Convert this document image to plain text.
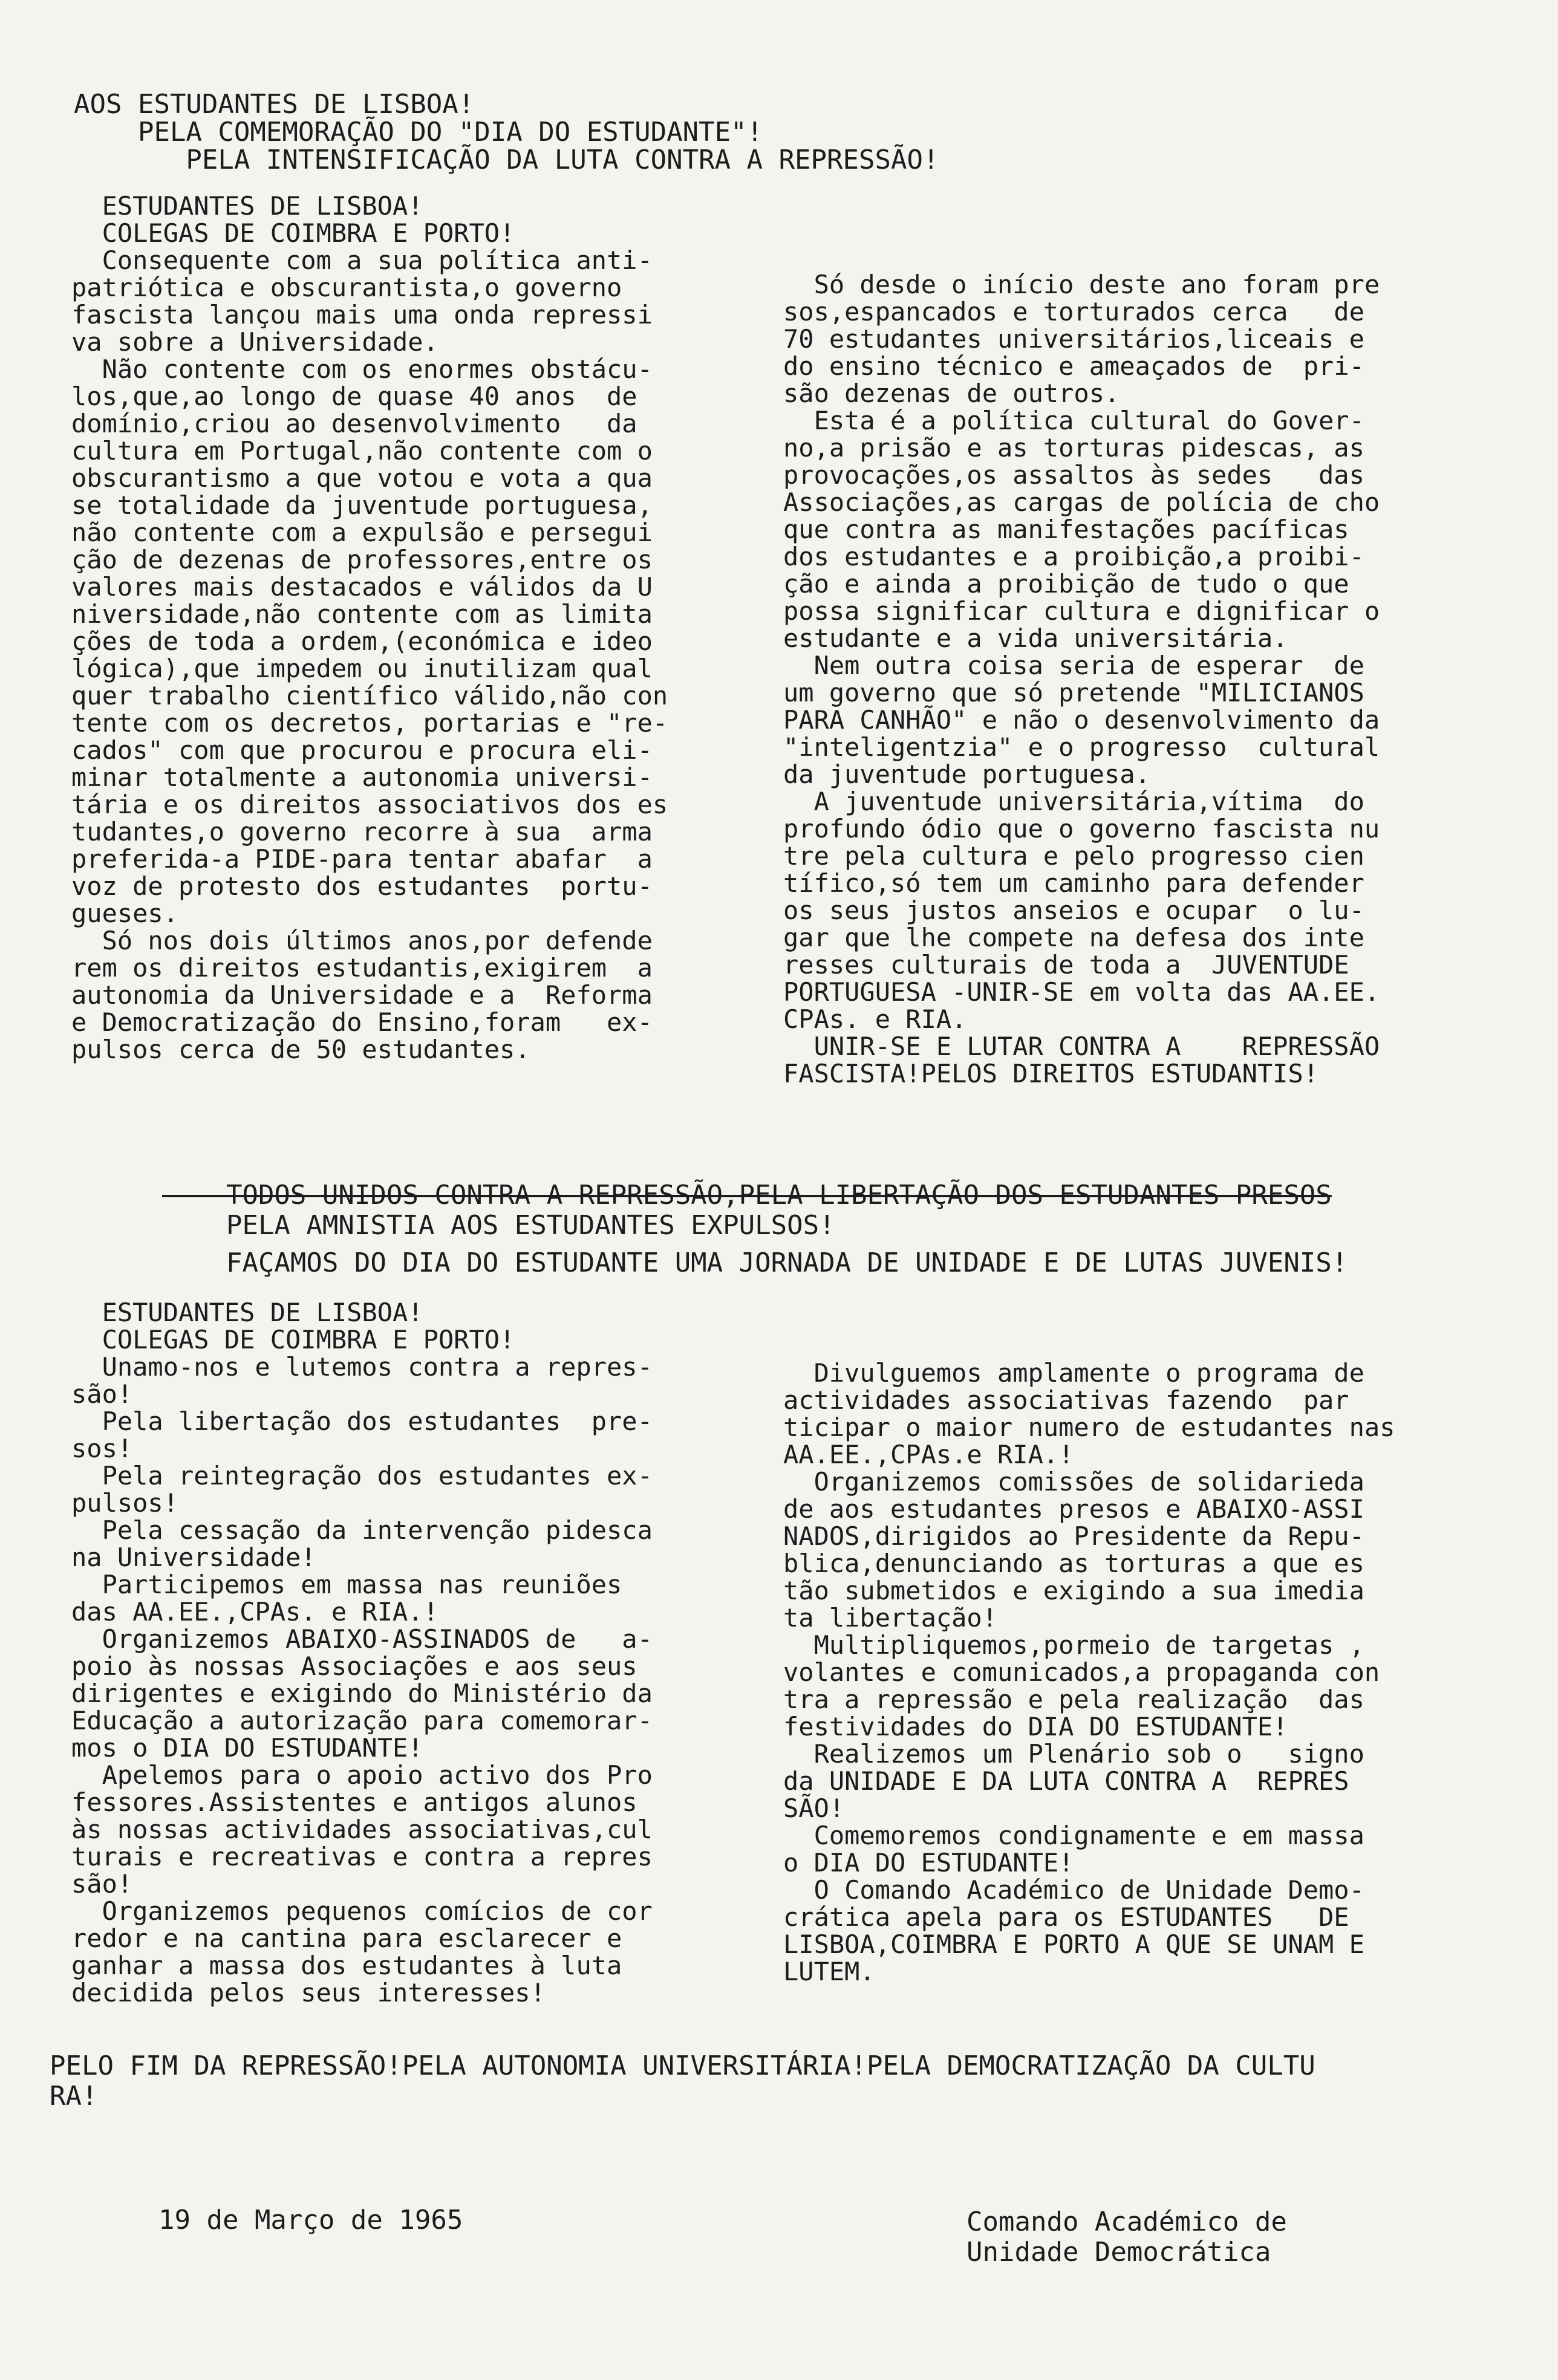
AOS ESTUDANTES DE LISBOA!
PELA COMEMORAÇÃO DO "DIA DO ESTUDANTE"!
PELA INTENSIFICAÇÃO DA LUTA CONTRA A REPRESSÃO!
ESTUDANTES DE LISBOA!
COLEGAS DE COIMBRA E PORTO!
Consequente com a sua política anti-
patriótica e obscurantista,o governo
fascista lançou mais uma onda repressi
va sobre a Universidade.
Não contente com os enormes obstácu-
los,que,ao longo de quase 40 anos  de
domínio,criou ao desenvolvimento   da
cultura em Portugal,não contente com o
obscurantismo a que votou e vota a qua
se totalidade da juventude portuguesa,
não contente com a expulsão e persegui
ção de dezenas de professores,entre os
valores mais destacados e válidos da U
niversidade,não contente com as limita
ções de toda a ordem,(económica e ideo
lógica),que impedem ou inutilizam qual
quer trabalho científico válido,não con
tente com os decretos, portarias e "re-
cados" com que procurou e procura eli-
minar totalmente a autonomia universi-
tária e os direitos associativos dos es
tudantes,o governo recorre à sua  arma
preferida-a PIDE-para tentar abafar  a
voz de protesto dos estudantes  portu-
gueses.
Só nos dois últimos anos,por defende
rem os direitos estudantis,exigirem  a
autonomia da Universidade e a  Reforma
e Democratização do Ensino,foram   ex-
pulsos cerca de 50 estudantes.
Só desde o início deste ano foram pre
sos,espancados e torturados cerca   de
70 estudantes universitários,liceais e
do ensino técnico e ameaçados de  pri-
são dezenas de outros.
Esta é a política cultural do Gover-
no,a prisão e as torturas pidescas, as
provocações,os assaltos às sedes   das
Associações,as cargas de polícia de cho
que contra as manifestações pacíficas
dos estudantes e a proibição,a proibi-
ção e ainda a proibição de tudo o que
possa significar cultura e dignificar o
estudante e a vida universitária.
Nem outra coisa seria de esperar  de
um governo que só pretende "MILICIANOS
PARA CANHÃO" e não o desenvolvimento da
"inteligentzia" e o progresso  cultural
da juventude portuguesa.
A juventude universitária,vítima  do
profundo ódio que o governo fascista nu
tre pela cultura e pelo progresso cien
tífico,só tem um caminho para defender
os seus justos anseios e ocupar  o lu-
gar que lhe compete na defesa dos inte
resses culturais de toda a  JUVENTUDE
PORTUGUESA -UNIR-SE em volta das AA.EE.
CPAs. e RIA.
UNIR-SE E LUTAR CONTRA A    REPRESSÃO
FASCISTA!PELOS DIREITOS ESTUDANTIS!
TODOS UNIDOS CONTRA A REPRESSÃO,PELA LIBERTAÇÃO DOS ESTUDANTES PRESOS
PELA AMNISTIA AOS ESTUDANTES EXPULSOS!
FAÇAMOS DO DIA DO ESTUDANTE UMA JORNADA DE UNIDADE E DE LUTAS JUVENIS!
ESTUDANTES DE LISBOA!
COLEGAS DE COIMBRA E PORTO!
Unamo-nos e lutemos contra a repres-
são!
Pela libertação dos estudantes  pre-
sos!
Pela reintegração dos estudantes ex-
pulsos!
Pela cessação da intervenção pidesca
na Universidade!
Participemos em massa nas reuniões
das AA.EE.,CPAs. e RIA.!
Organizemos ABAIXO-ASSINADOS de   a-
poio às nossas Associações e aos seus
dirigentes e exigindo do Ministério da
Educação a autorização para comemorar-
mos o DIA DO ESTUDANTE!
Apelemos para o apoio activo dos Pro
fessores.Assistentes e antigos alunos
às nossas actividades associativas,cul
turais e recreativas e contra a repres
são!
Organizemos pequenos comícios de cor
redor e na cantina para esclarecer e
ganhar a massa dos estudantes à luta
decidida pelos seus interesses!
Divulguemos amplamente o programa de
actividades associativas fazendo  par
ticipar o maior numero de estudantes nas
AA.EE.,CPAs.e RIA.!
Organizemos comissões de solidarieda
de aos estudantes presos e ABAIXO-ASSI
NADOS,dirigidos ao Presidente da Repu-
blica,denunciando as torturas a que es
tão submetidos e exigindo a sua imedia
ta libertação!
Multipliquemos,pormeio de targetas ,
volantes e comunicados,a propaganda con
tra a repressão e pela realização  das
festividades do DIA DO ESTUDANTE!
Realizemos um Plenário sob o   signo
da UNIDADE E DA LUTA CONTRA A  REPRES
SÃO!
Comemoremos condignamente e em massa
o DIA DO ESTUDANTE!
O Comando Académico de Unidade Demo-
crática apela para os ESTUDANTES   DE
LISBOA,COIMBRA E PORTO A QUE SE UNAM E
LUTEM.
PELO FIM DA REPRESSÃO!PELA AUTONOMIA UNIVERSITÁRIA!PELA DEMOCRATIZAÇÃO DA CULTU
RA!
19 de Março de 1965	Comando Académico de
Unidade Democrática
